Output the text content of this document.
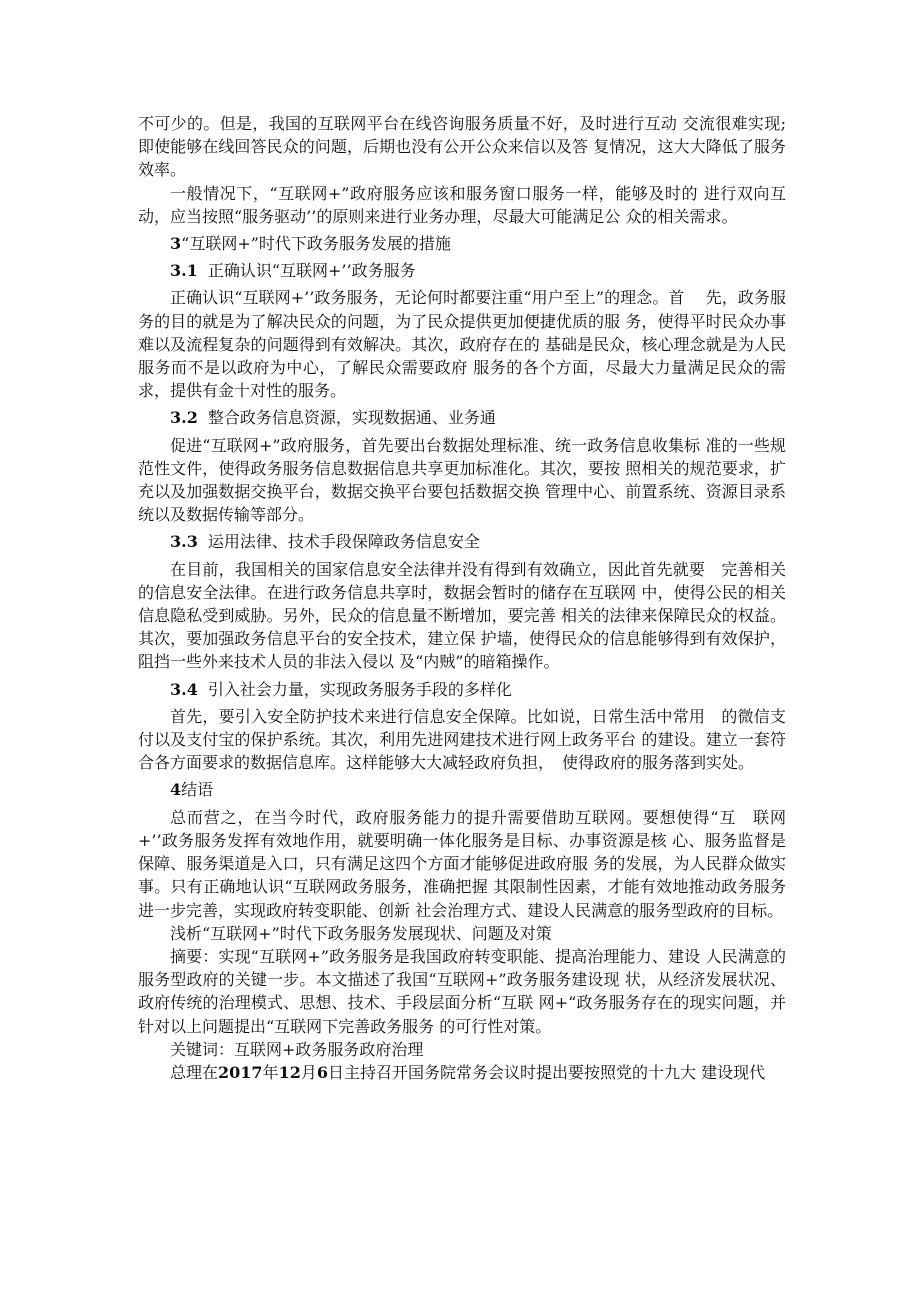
不可少的。但是，我国的互联网平台在线咨询服务质量不好，及时进行互动 交流很难实现;即使能够在线回答民众的问题，后期也没有公开公众来信以及答 复情况，这大大降低了服务效率。

一般情况下，“互联网+”政府服务应该和服务窗口服务一样，能够及时的 进行双向互动，应当按照“服务驱动’’的原则来进行业务办理，尽最大可能满足公 众的相关需求。

3“互联网+”时代下政务服务发展的措施

3.1 正确认识“互联网+’’政务服务

正确认识“互联网+’’政务服务，无论何时都要注重“用户至上”的理念。首　 先，政务服务的目的就是为了解决民众的问题，为了民众提供更加便捷优质的服 务，使得平时民众办事难以及流程复杂的问题得到有效解决。其次，政府存在的 基础是民众，核心理念就是为人民服务而不是以政府为中心，了解民众需要政府 服务的各个方面，尽最大力量满足民众的需求，提供有金十对性的服务。

3.2 整合政务信息资源，实现数据通、业务通

促进“互联网+”政府服务，首先要出台数据处理标准、统一政务信息收集标 准的一些规范性文件，使得政务服务信息数据信息共享更加标准化。其次，要按 照相关的规范要求，扩充以及加强数据交换平台，数据交换平台要包括数据交换 管理中心、前置系统、资源目录系统以及数据传输等部分。

3.3 运用法律、技术手段保障政务信息安全

在目前，我国相关的国家信息安全法律并没有得到有效确立，因此首先就要　完善相关的信息安全法律。在进行政务信息共享时，数据会暂时的储存在互联网 中，使得公民的相关信息隐私受到威胁。另外，民众的信息量不断增加，要完善 相关的法律来保障民众的权益。其次，要加强政务信息平台的安全技术，建立保 护墙，使得民众的信息能够得到有效保护，阻挡一些外来技术人员的非法入侵以 及“内贼”的暗箱操作。

3.4 引入社会力量，实现政务服务手段的多样化

首先，要引入安全防护技术来进行信息安全保障。比如说，日常生活中常用　的微信支付以及支付宝的保护系统。其次，利用先进网建技术进行网上政务平台 的建设。建立一套符合各方面要求的数据信息库。这样能够大大减轻政府负担，　使得政府的服务落到实处。

4结语

总而营之，在当今时代，政府服务能力的提升需要借助互联网。要想使得“互　联网+’’政务服务发挥有效地作用，就要明确一体化服务是目标、办事资源是核 心、服务监督是保障、服务渠道是入口，只有满足这四个方面才能够促进政府服 务的发展，为人民群众做实事。只有正确地认识“互联网政务服务，准确把握 其限制性因素，才能有效地推动政务服务进一步完善，实现政府转变职能、创新 社会治理方式、建设人民满意的服务型政府的目标。

浅析“互联网+”时代下政务服务发展现状、问题及对策

摘要：实现“互联网+”政务服务是我国政府转变职能、提高治理能力、建设 人民满意的服务型政府的关键一步。本文描述了我国“互联网+”政务服务建设现 状，从经济发展状况、政府传统的治理模式、思想、技术、手段层面分析“互联 网+“政务服务存在的现实问题，并针对以上问题提出“互联网下完善政务服务 的可行性对策。

关键词：互联网+政务服务政府治理

总理在2017年12月6日主持召开国务院常务会议时提出要按照党的十九大 建设现代
